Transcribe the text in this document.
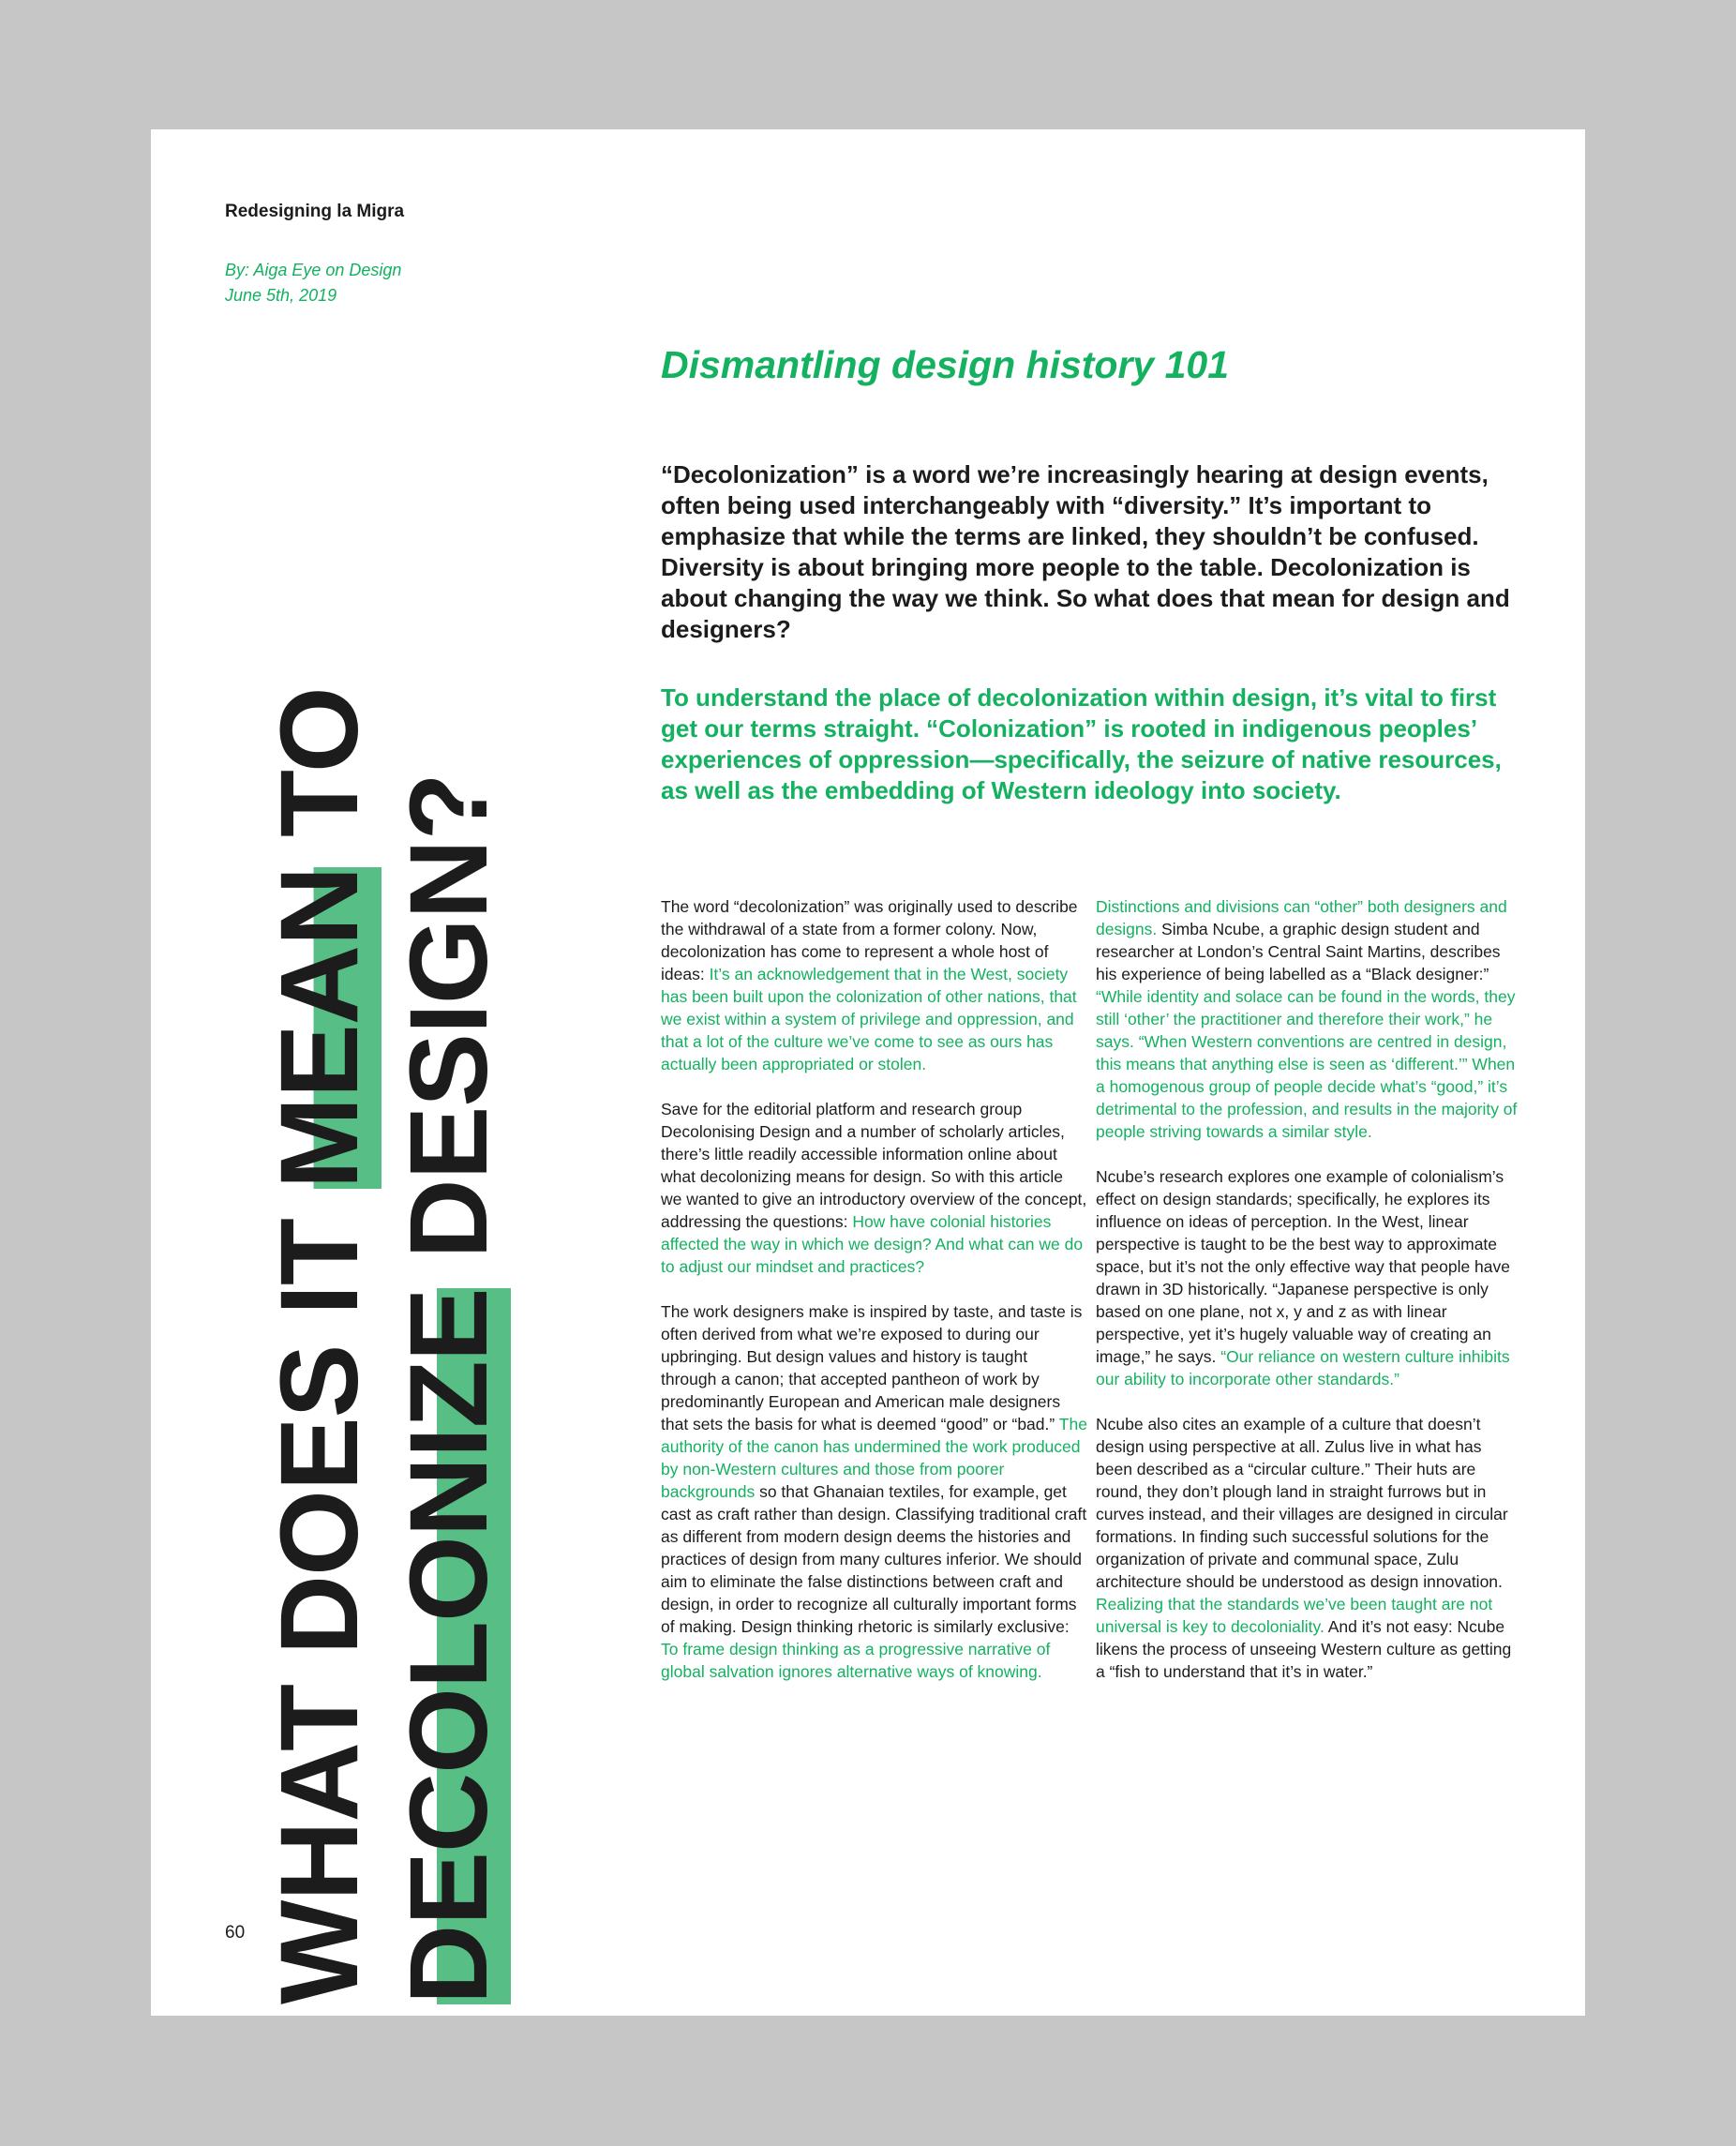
Redesigning la Migra
By: Aiga Eye on Design
June 5th, 2019
WHAT DOES IT MEAN TO
DECOLONIZE DESIGN?
Dismantling design history 101

“Decolonization” is a word we’re increasingly hearing at design events, often being used interchangeably with “diversity.” It’s important to emphasize that while the terms are linked, they shouldn’t be confused. Diversity is about bringing more people to the table. Decolonization is about changing the way we think. So what does that mean for design and designers?

To understand the place of decolonization within design, it’s vital to first get our terms straight. “Colonization” is rooted in indigenous peoples’ experiences of oppression—specifically, the seizure of native resources, as well as the embedding of Western ideology into society.

The word “decolonization” was originally used to describe the withdrawal of a state from a former colony. Now, decolonization has come to represent a whole host of ideas: It’s an acknowledgement that in the West, society has been built upon the colonization of other nations, that we exist within a system of privilege and oppression, and that a lot of the culture we’ve come to see as ours has actually been appropriated or stolen.

Save for the editorial platform and research group Decolonising Design and a number of scholarly articles, there’s little readily accessible information online about what decolonizing means for design. So with this article we wanted to give an introductory overview of the concept, addressing the questions: How have colonial histories affected the way in which we design? And what can we do to adjust our mindset and practices?

The work designers make is inspired by taste, and taste is often derived from what we’re exposed to during our upbringing. But design values and history is taught through a canon; that accepted pantheon of work by predominantly European and American male designers that sets the basis for what is deemed “good” or “bad.” The authority of the canon has undermined the work produced by non-Western cultures and those from poorer backgrounds so that Ghanaian textiles, for example, get cast as craft rather than design. Classifying traditional craft as different from modern design deems the histories and practices of design from many cultures inferior. We should aim to eliminate the false distinctions between craft and design, in order to recognize all culturally important forms of making. Design thinking rhetoric is similarly exclusive: To frame design thinking as a progressive narrative of global salvation ignores alternative ways of knowing.

Distinctions and divisions can “other” both designers and designs. Simba Ncube, a graphic design student and researcher at London’s Central Saint Martins, describes his experience of being labelled as a “Black designer:” “While identity and solace can be found in the words, they still ‘other’ the practitioner and therefore their work,” he says. “When Western conventions are centred in design, this means that anything else is seen as ‘different.’” When a homogenous group of people decide what’s “good,” it’s detrimental to the profession, and results in the majority of people striving towards a similar style.

Ncube’s research explores one example of colonialism’s effect on design standards; specifically, he explores its influence on ideas of perception. In the West, linear perspective is taught to be the best way to approximate space, but it’s not the only effective way that people have drawn in 3D historically. “Japanese perspective is only based on one plane, not x, y and z as with linear perspective, yet it’s hugely valuable way of creating an image,” he says. “Our reliance on western culture inhibits our ability to incorporate other standards.”

Ncube also cites an example of a culture that doesn’t design using perspective at all. Zulus live in what has been described as a “circular culture.” Their huts are round, they don’t plough land in straight furrows but in curves instead, and their villages are designed in circular formations. In finding such successful solutions for the organization of private and communal space, Zulu architecture should be understood as design innovation. Realizing that the standards we’ve been taught are not universal is key to decoloniality. And it’s not easy: Ncube likens the process of unseeing Western culture as getting a “fish to understand that it’s in water.”

60
